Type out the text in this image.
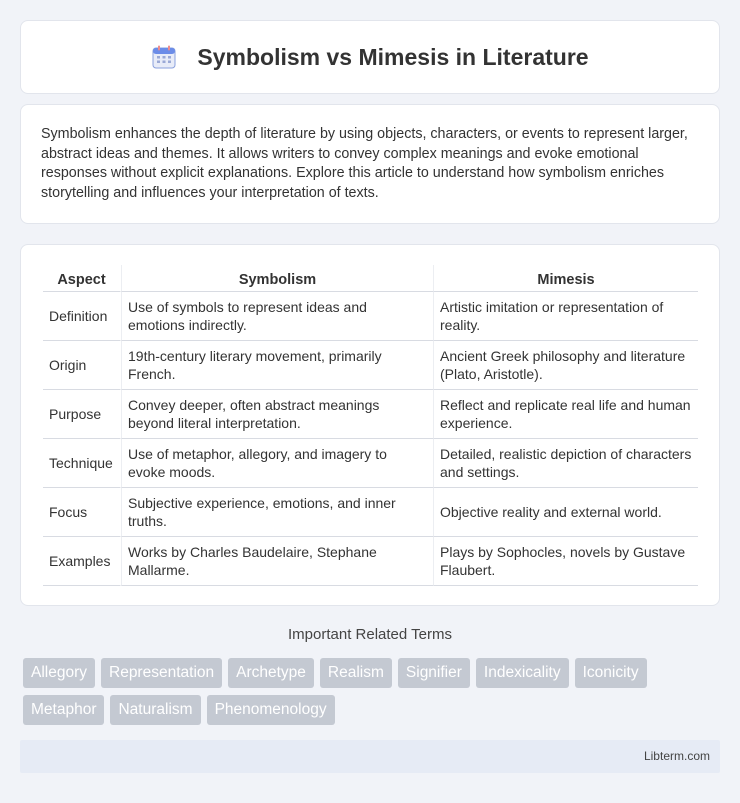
Symbolism vs Mimesis in Literature

Symbolism enhances the depth of literature by using objects, characters, or events to represent larger, abstract ideas and themes. It allows writers to convey complex meanings and evoke emotional responses without explicit explanations. Explore this article to understand how symbolism enriches storytelling and influences your interpretation of texts.

Aspect	Symbolism	Mimesis
Definition	Use of symbols to represent ideas and emotions indirectly.	Artistic imitation or representation of reality.
Origin	19th-century literary movement, primarily French.	Ancient Greek philosophy and literature (Plato, Aristotle).
Purpose	Convey deeper, often abstract meanings beyond literal interpretation.	Reflect and replicate real life and human experience.
Technique	Use of metaphor, allegory, and imagery to evoke moods.	Detailed, realistic depiction of characters and settings.
Focus	Subjective experience, emotions, and inner truths.	Objective reality and external world.
Examples	Works by Charles Baudelaire, Stephane Mallarme.	Plays by Sophocles, novels by Gustave Flaubert.
Important Related Terms
Allegory	Representation	Archetype	Realism	Signifier	Indexicality	Iconicity
Metaphor	Naturalism	Phenomenology
Libterm.com
